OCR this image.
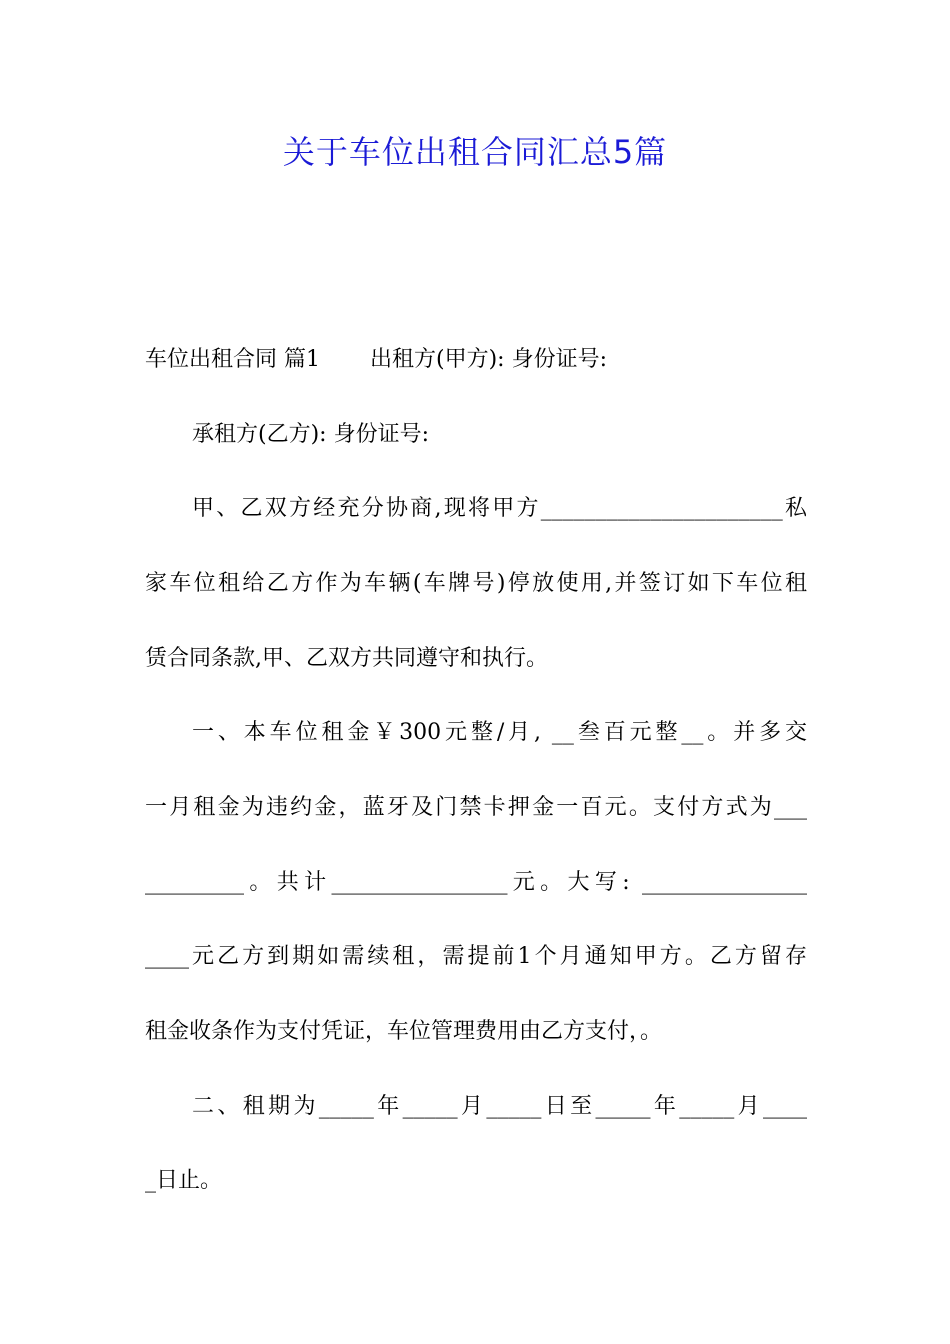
关于车位出租合同汇总5篇
车位出租合同 篇1 出租方(甲方): 身份证号:
承租方(乙方): 身份证号:
甲、乙双方经充分协商,现将甲方______________________私
家车位租给乙方作为车辆(车牌号)停放使用,并签订如下车位租
赁合同条款,甲、乙双方共同遵守和执行。
一、本车位租金￥300元整/月, __叁百元整__。并多交
一月租金为违约金，蓝牙及门禁卡押金一百元。支付方式为___
_________。共计________________元。大写: _______________
____元乙方到期如需续租，需提前1个月通知甲方。乙方留存
租金收条作为支付凭证，车位管理费用由乙方支付，。
二、租期为_____年_____月_____日至_____年_____月____
_日止。
